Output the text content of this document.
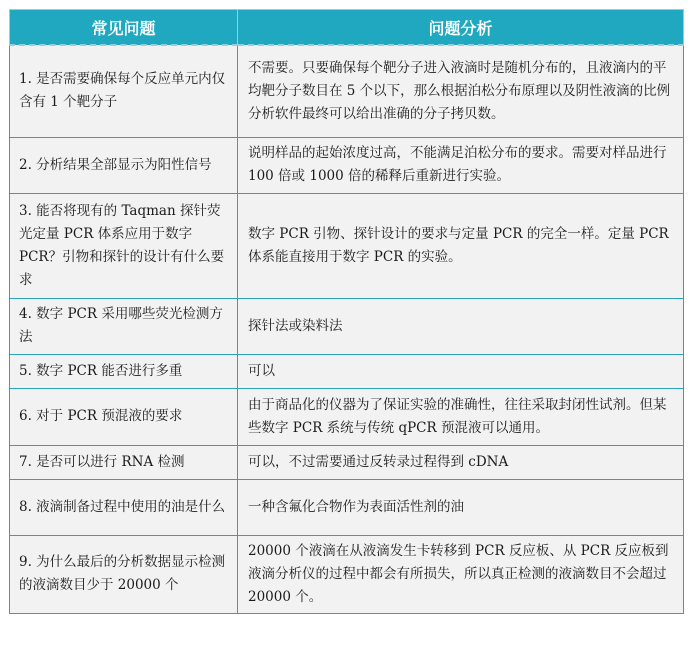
常见问题	问题分析
1. 是否需要确保每个反应单元内仅含有 1 个靶分子	不需要。只要确保每个靶分子进入液滴时是随机分布的，且液滴内的平均靶分子数目在 5 个以下，那么根据泊松分布原理以及阴性液滴的比例分析软件最终可以给出准确的分子拷贝数。
2. 分析结果全部显示为阳性信号	说明样品的起始浓度过高，不能满足泊松分布的要求。需要对样品进行 100 倍或 1000 倍的稀释后重新进行实验。
3. 能否将现有的 Taqman 探针荧光定量 PCR 体系应用于数字 PCR？引物和探针的设计有什么要求	数字 PCR 引物、探针设计的要求与定量 PCR 的完全一样。定量 PCR 体系能直接用于数字 PCR 的实验。
4. 数字 PCR 采用哪些荧光检测方法	探针法或染料法
5. 数字 PCR 能否进行多重	可以
6. 对于 PCR 预混液的要求	由于商品化的仪器为了保证实验的准确性，往往采取封闭性试剂。但某些数字 PCR 系统与传统 qPCR 预混液可以通用。
7. 是否可以进行 RNA 检测	可以，不过需要通过反转录过程得到 cDNA
8. 液滴制备过程中使用的油是什么	一种含氟化合物作为表面活性剂的油
9. 为什么最后的分析数据显示检测的液滴数目少于 20000 个	20000 个液滴在从液滴发生卡转移到 PCR 反应板、从 PCR 反应板到液滴分析仪的过程中都会有所损失，所以真正检测的液滴数目不会超过 20000 个。
